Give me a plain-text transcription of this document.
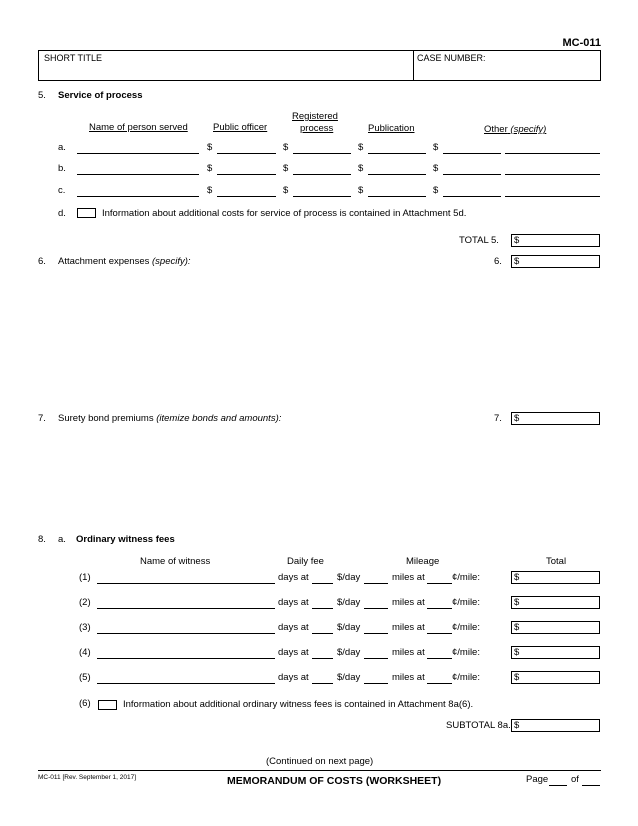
MC-011
SHORT TITLE	CASE NUMBER:
5. Service of process
Name of person served	Public officer
Registered
process	Publication	Other (specify)
a.	$	$	$	$
b.	$	$	$	$
c.	$	$	$	$
d.	Information about additional costs for service of process is contained in Attachment 5d.
TOTAL 5.	$
6. Attachment expenses (specify):	6.	$
7. Surety bond premiums (itemize bonds and amounts):	7.	$
8. a. Ordinary witness fees
Name of witness	Daily fee	Mileage	Total
(1)	days at	$/day	miles at	¢/mile:	$
(2)	days at	$/day	miles at	¢/mile:	$
(3)	days at	$/day	miles at	¢/mile:	$
(4)	days at	$/day	miles at	¢/mile:	$
(5)	days at	$/day	miles at	¢/mile:	$
(6)	Information about additional ordinary witness fees is contained in Attachment 8a(6).
SUBTOTAL 8a. $
(Continued on next page)
MC-011 [Rev. September 1, 2017]	MEMORANDUM OF COSTS (WORKSHEET)	Page of
